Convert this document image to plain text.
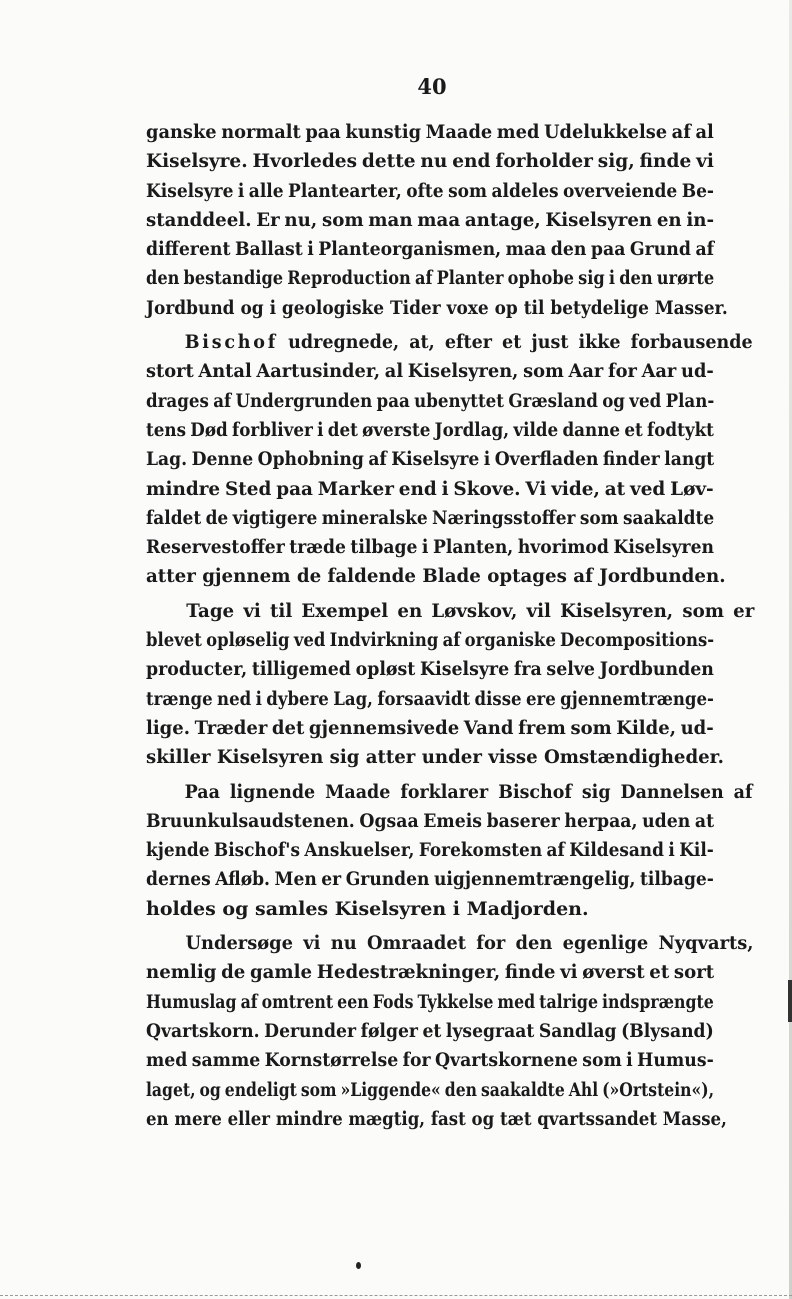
40
ganske normalt paa kunstig Maade med Udelukkelse af al
Kiselsyre. Hvorledes dette nu end forholder sig, finde vi
Kiselsyre i alle Plantearter, ofte som aldeles overveiende Be-
standdeel. Er nu, som man maa antage, Kiselsyren en in-
different Ballast i Planteorganismen, maa den paa Grund af
den bestandige Reproduction af Planter ophobe sig i den urørte
Jordbund
og
i
geologiske
Tider
voxe
op
til
betydelige
Masser.
Bischof udregnede, at, efter et just ikke forbausende
stort Antal Aartusinder, al Kiselsyren, som Aar for Aar ud-
drages af Undergrunden paa ubenyttet Græsland og ved Plan-
tens Død forbliver i det øverste Jordlag, vilde danne et fodtykt
Lag. Denne Ophobning af Kiselsyre i Overfladen finder langt
mindre Sted paa Marker end i Skove. Vi vide, at ved Løv-
faldet de vigtigere mineralske Næringsstoffer som saakaldte
Reservestoffer træde tilbage i Planten, hvorimod Kiselsyren
atter
gjennem
de
faldende
Blade
optages
af
Jordbunden.
Tage vi til Exempel en Løvskov, vil Kiselsyren, som er
blevet opløselig ved Indvirkning af organiske Decompositions-
producter, tilligemed opløst Kiselsyre fra selve Jordbunden
trænge ned i dybere Lag, forsaavidt disse ere gjennemtrænge-
lige. Træder det gjennemsivede Vand frem som Kilde, ud-
skiller
Kiselsyren
sig
atter
under
visse
Omstændigheder.
Paa lignende Maade forklarer Bischof sig Dannelsen af
Bruunkulsaudstenen. Ogsaa Emeis baserer herpaa, uden at
kjende Bischof's Anskuelser, Forekomsten af Kildesand i Kil-
dernes Afløb. Men er Grunden uigjennemtrængelig, tilbage-
holdes
og
samles
Kiselsyren
i
Madjorden.
Undersøge vi nu Omraadet for den egenlige Nyqvarts,
nemlig de gamle Hedestrækninger, finde vi øverst et sort
Humuslag af omtrent een Fods Tykkelse med talrige indsprængte
Qvartskorn. Derunder følger et lysegraat Sandlag (Blysand)
med samme Kornstørrelse for Qvartskornene som i Humus-
laget, og endeligt som »Liggende« den saakaldte Ahl (»Ortstein«),
en
mere
eller
mindre
mægtig,
fast
og
tæt
qvartssandet
Masse,
